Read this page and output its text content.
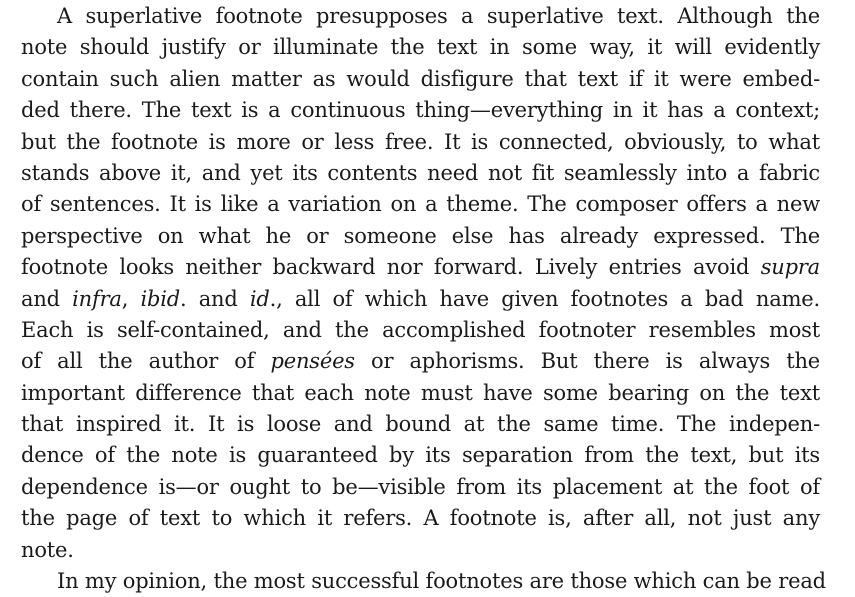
A superlative footnote presupposes a superlative text. Although the
note should justify or illuminate the text in some way, it will evidently
contain such alien matter as would disfigure that text if it were embed-
ded there. The text is a continuous thing—everything in it has a context;
but the footnote is more or less free. It is connected, obviously, to what
stands above it, and yet its contents need not fit seamlessly into a fabric
of sentences. It is like a variation on a theme. The composer offers a new
perspective on what he or someone else has already expressed. The
footnote looks neither backward nor forward. Lively entries avoid supra
and infra, ibid. and id., all of which have given footnotes a bad name.
Each is self-contained, and the accomplished footnoter resembles most
of all the author of pensées or aphorisms. But there is always the
important difference that each note must have some bearing on the text
that inspired it. It is loose and bound at the same time. The indepen-
dence of the note is guaranteed by its separation from the text, but its
dependence is—or ought to be—visible from its placement at the foot of
the page of text to which it refers. A footnote is, after all, not just any
note.
In my opinion, the most successful footnotes are those which can be read
